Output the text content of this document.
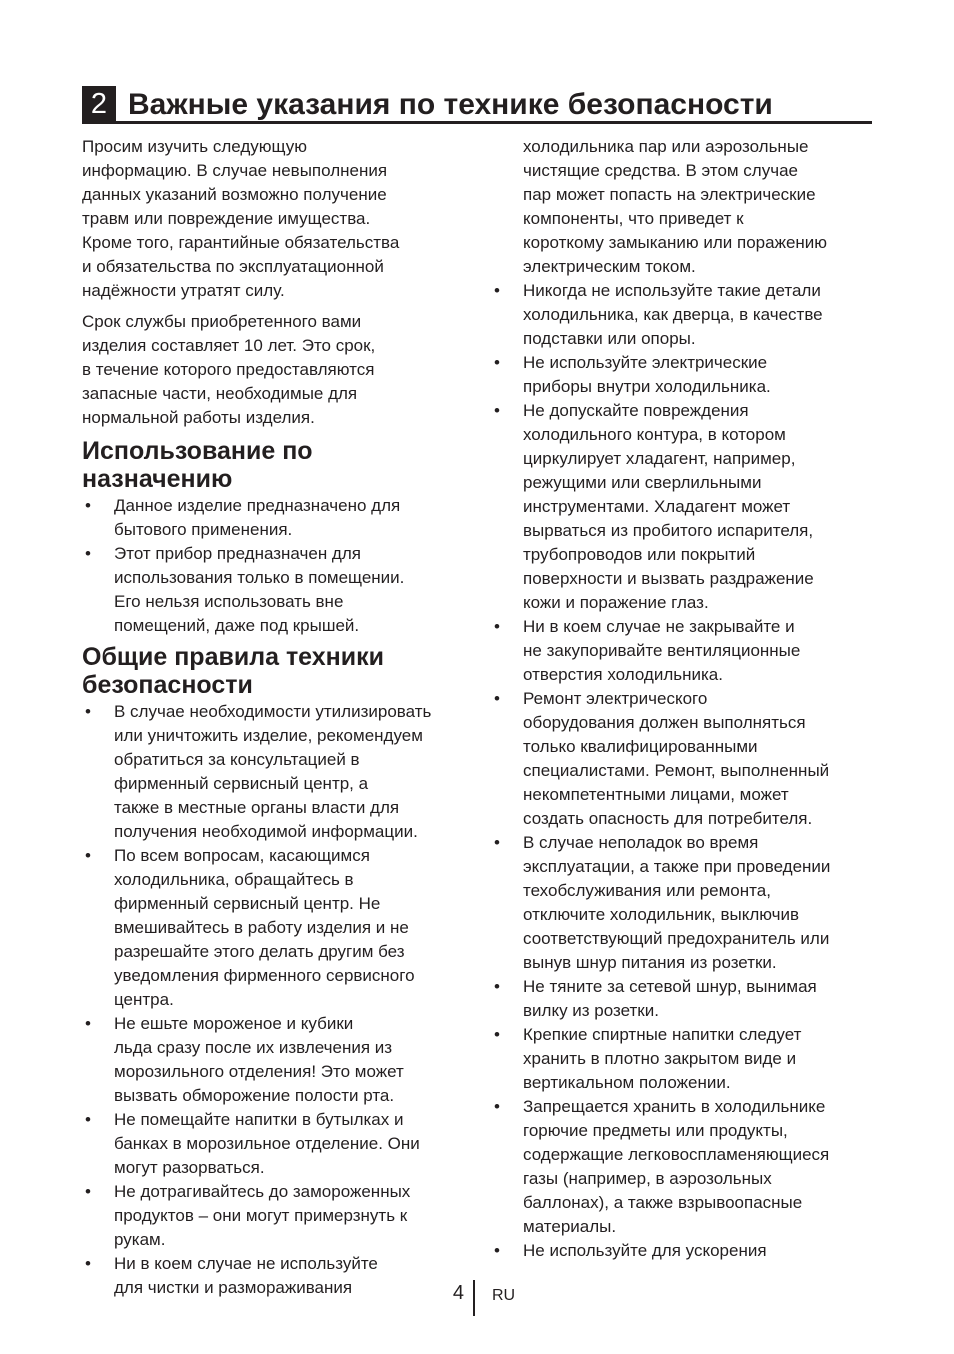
2 Важные указания по технике безопасности

Просим изучить следующую
информацию. В случае невыполнения
данных указаний возможно получение
травм или повреждение имущества.
Кроме того, гарантийные обязательства
и обязательства по эксплуатационной
надёжности утратят силу.

Срок службы приобретенного вами
изделия составляет 10 лет. Это срок,
в течение которого предоставляются
запасные части, необходимые для
нормальной работы изделия.

Использование по
назначению
• Данное изделие предназначено для
бытового применения.
• Этот прибор предназначен для
использования только в помещении.
Его нельзя использовать вне
помещений, даже под крышей.
Общие правила техники
безопасности
• В случае необходимости утилизировать
или уничтожить изделие, рекомендуем
обратиться за консультацией в
фирменный сервисный центр, а
также в местные органы власти для
получения необходимой информации.
• По всем вопросам, касающимся
холодильника, обращайтесь в
фирменный сервисный центр. Не
вмешивайтесь в работу изделия и не
разрешайте этого делать другим без
уведомления фирменного сервисного
центра.
• Не ешьте мороженое и кубики
льда сразу после их извлечения из
морозильного отделения! Это может
вызвать обморожение полости рта.
• Не помещайте напитки в бутылках и
банках в морозильное отделение. Они
могут разорваться.
• Не дотрагивайтесь до замороженных
продуктов – они могут примерзнуть к
рукам.
• Ни в коем случае не используйте
для чистки и размораживания

холодильника пар или аэрозольные
чистящие средства. В этом случае
пар может попасть на электрические
компоненты, что приведет к
короткому замыканию или поражению
электрическим током.

• Никогда не используйте такие детали
холодильника, как дверца, в качестве
подставки или опоры.
• Не используйте электрические
приборы внутри холодильника.
• Не допускайте повреждения
холодильного контура, в котором
циркулирует хладагент, например,
режущими или сверлильными
инструментами. Хладагент может
вырваться из пробитого испарителя,
трубопроводов или покрытий
поверхности и вызвать раздражение
кожи и поражение глаз.
• Ни в коем случае не закрывайте и
не закупоривайте вентиляционные
отверстия холодильника.
• Ремонт электрического
оборудования должен выполняться
только квалифицированными
специалистами. Ремонт, выполненный
некомпетентными лицами, может
создать опасность для потребителя.
• В случае неполадок во время
эксплуатации, а также при проведении
техобслуживания или ремонта,
отключите холодильник, выключив
соответствующий предохранитель или
вынув шнур питания из розетки.
• Не тяните за сетевой шнур, вынимая
вилку из розетки.
• Крепкие спиртные напитки следует
хранить в плотно закрытом виде и
вертикальном положении.
• Запрещается хранить в холодильнике
горючие предметы или продукты,
содержащие легковоспламеняющиеся
газы (например, в аэрозольных
баллонах), а также взрывоопасные
материалы.
• Не используйте для ускорения
4 RU
